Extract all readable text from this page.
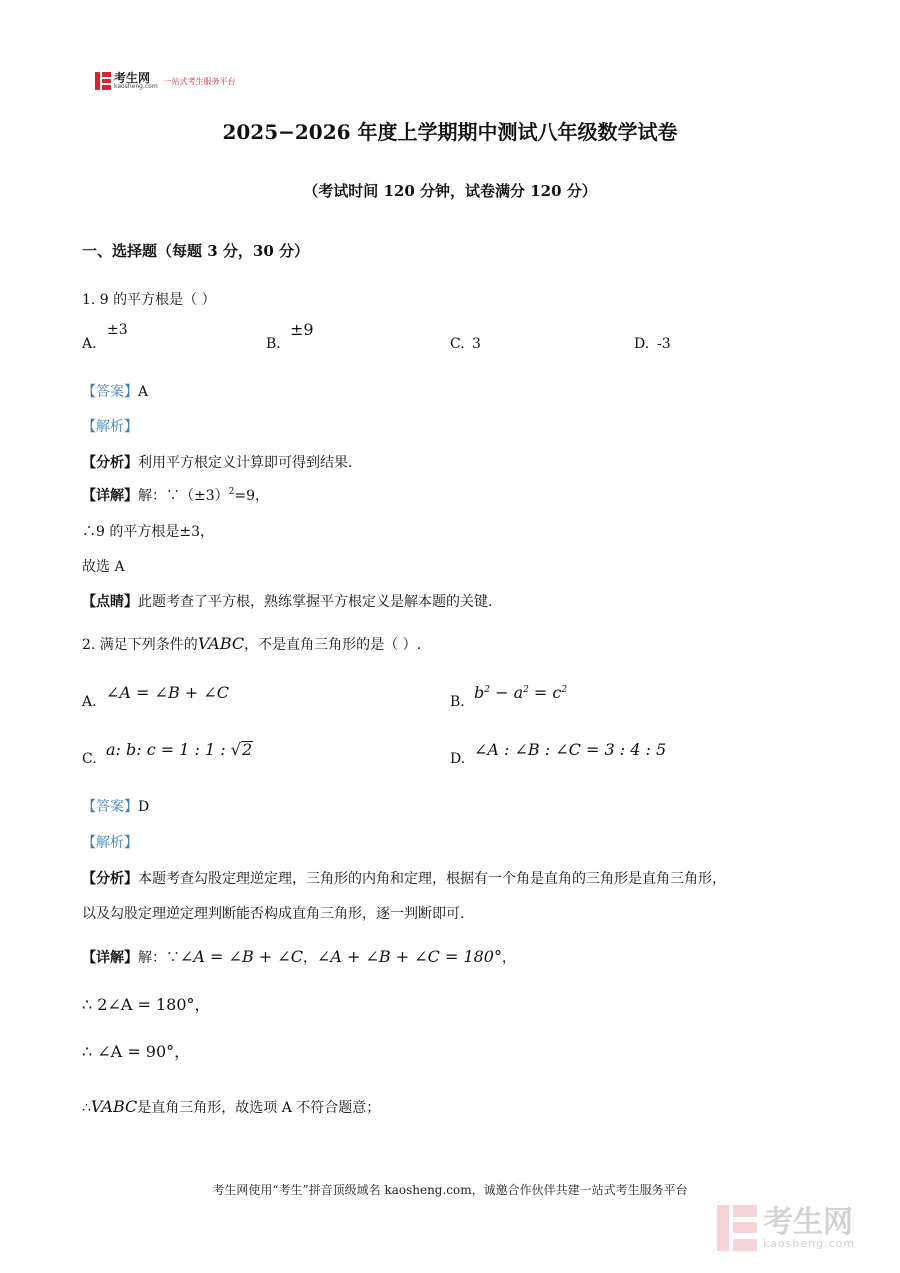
考生网
kaosheng.com
一站式考生服务平台
2025−2026 年度上学期期中测试八年级数学试卷
（考试时间 120 分钟，试卷满分 120 分）
一、选择题（每题 3 分，30 分）
1. 9 的平方根是（ ）
A.
±3
B.
±9
C. 3	D. -3
【答案】A
【解析】
【分析】利用平方根定义计算即可得到结果.
【详解】解：$\because(\pm 3)^2=9$，
∴9 的平方根是±3，
故选 A
【点睛】此题考查了平方根，熟练掌握平方根定义是解本题的关键.
2. 满足下列条件的VABC，不是直角三角形的是（ ）.
A. ∠A = ∠B + ∠C	B. $b^2 - a^2 = c^2$
C. a: b: c = 1 : 1 : √2	D. ∠A : ∠B : ∠C = 3 : 4 : 5
【答案】D
【解析】
【分析】本题考查勾股定理逆定理，三角形的内角和定理，根据有一个角是直角的三角形是直角三角形，
以及勾股定理逆定理判断能否构成直角三角形，逐一判断即可.
【详解】解：∵∠A = ∠B + ∠C，∠A + ∠B + ∠C = 180°，
∴ 2∠A = 180°，
∴ ∠A = 90°，
∴VABC是直角三角形，故选项 A 不符合题意；
考生网使用“考生”拼音顶级域名 kaosheng.com，诚邀合作伙伴共建一站式考生服务平台
考生网
kaosheng.com
